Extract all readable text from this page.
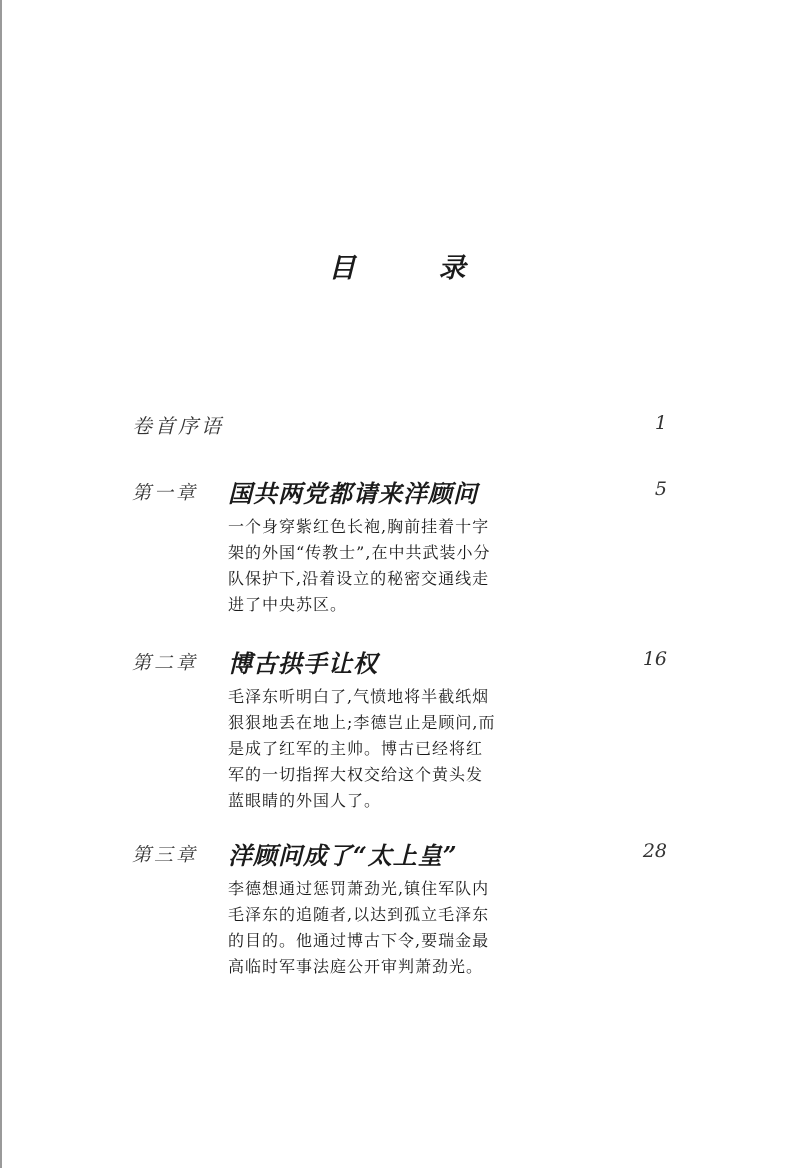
目　录
卷首序语	1
第一章 国共两党都请来洋顾问	5
一个身穿紫红色长袍,胸前挂着十字架的外国“传教士”,在中共武装小分队保护下,沿着设立的秘密交通线走进了中央苏区。
第二章 博古拱手让权	16
毛泽东听明白了,气愤地将半截纸烟狠狠地丢在地上;李德岂止是顾问,而是成了红军的主帅。博古已经将红军的一切指挥大权交给这个黄头发蓝眼睛的外国人了。
第三章 洋顾问成了“太上皇”	28
李德想通过惩罚萧劲光,镇住军队内毛泽东的追随者,以达到孤立毛泽东的目的。他通过博古下令,要瑞金最高临时军事法庭公开审判萧劲光。
